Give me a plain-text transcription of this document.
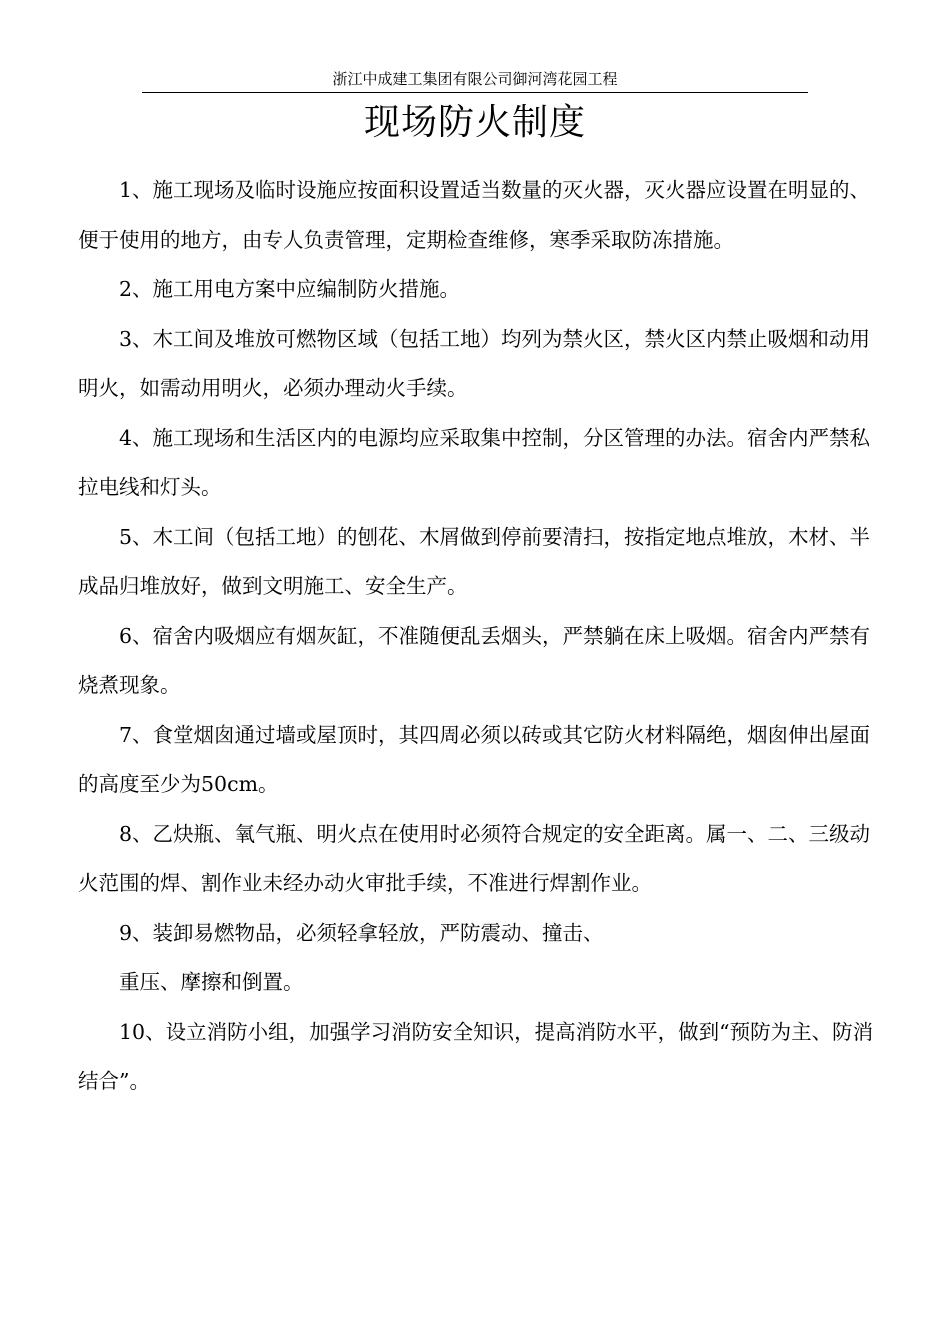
浙江中成建工集团有限公司御河湾花园工程
现场防火制度

1、施工现场及临时设施应按面积设置适当数量的灭火器，灭火器应设置在明显的、便于使用的地方，由专人负责管理，定期检查维修，寒季采取防冻措施。

2、施工用电方案中应编制防火措施。

3、木工间及堆放可燃物区域（包括工地）均列为禁火区，禁火区内禁止吸烟和动用明火，如需动用明火，必须办理动火手续。

4、施工现场和生活区内的电源均应采取集中控制，分区管理的办法。宿舍内严禁私拉电线和灯头。

5、木工间（包括工地）的刨花、木屑做到停前要清扫，按指定地点堆放，木材、半成品归堆放好，做到文明施工、安全生产。

6、宿舍内吸烟应有烟灰缸，不准随便乱丢烟头，严禁躺在床上吸烟。宿舍内严禁有烧煮现象。

7、食堂烟囱通过墙或屋顶时，其四周必须以砖或其它防火材料隔绝，烟囱伸出屋面的高度至少为50cm。

8、乙炔瓶、氧气瓶、明火点在使用时必须符合规定的安全距离。属一、二、三级动火范围的焊、割作业未经办动火审批手续，不准进行焊割作业。

9、装卸易燃物品，必须轻拿轻放，严防震动、撞击、

重压、摩擦和倒置。

10、设立消防小组，加强学习消防安全知识，提高消防水平，做到“预防为主、防消结合”。
